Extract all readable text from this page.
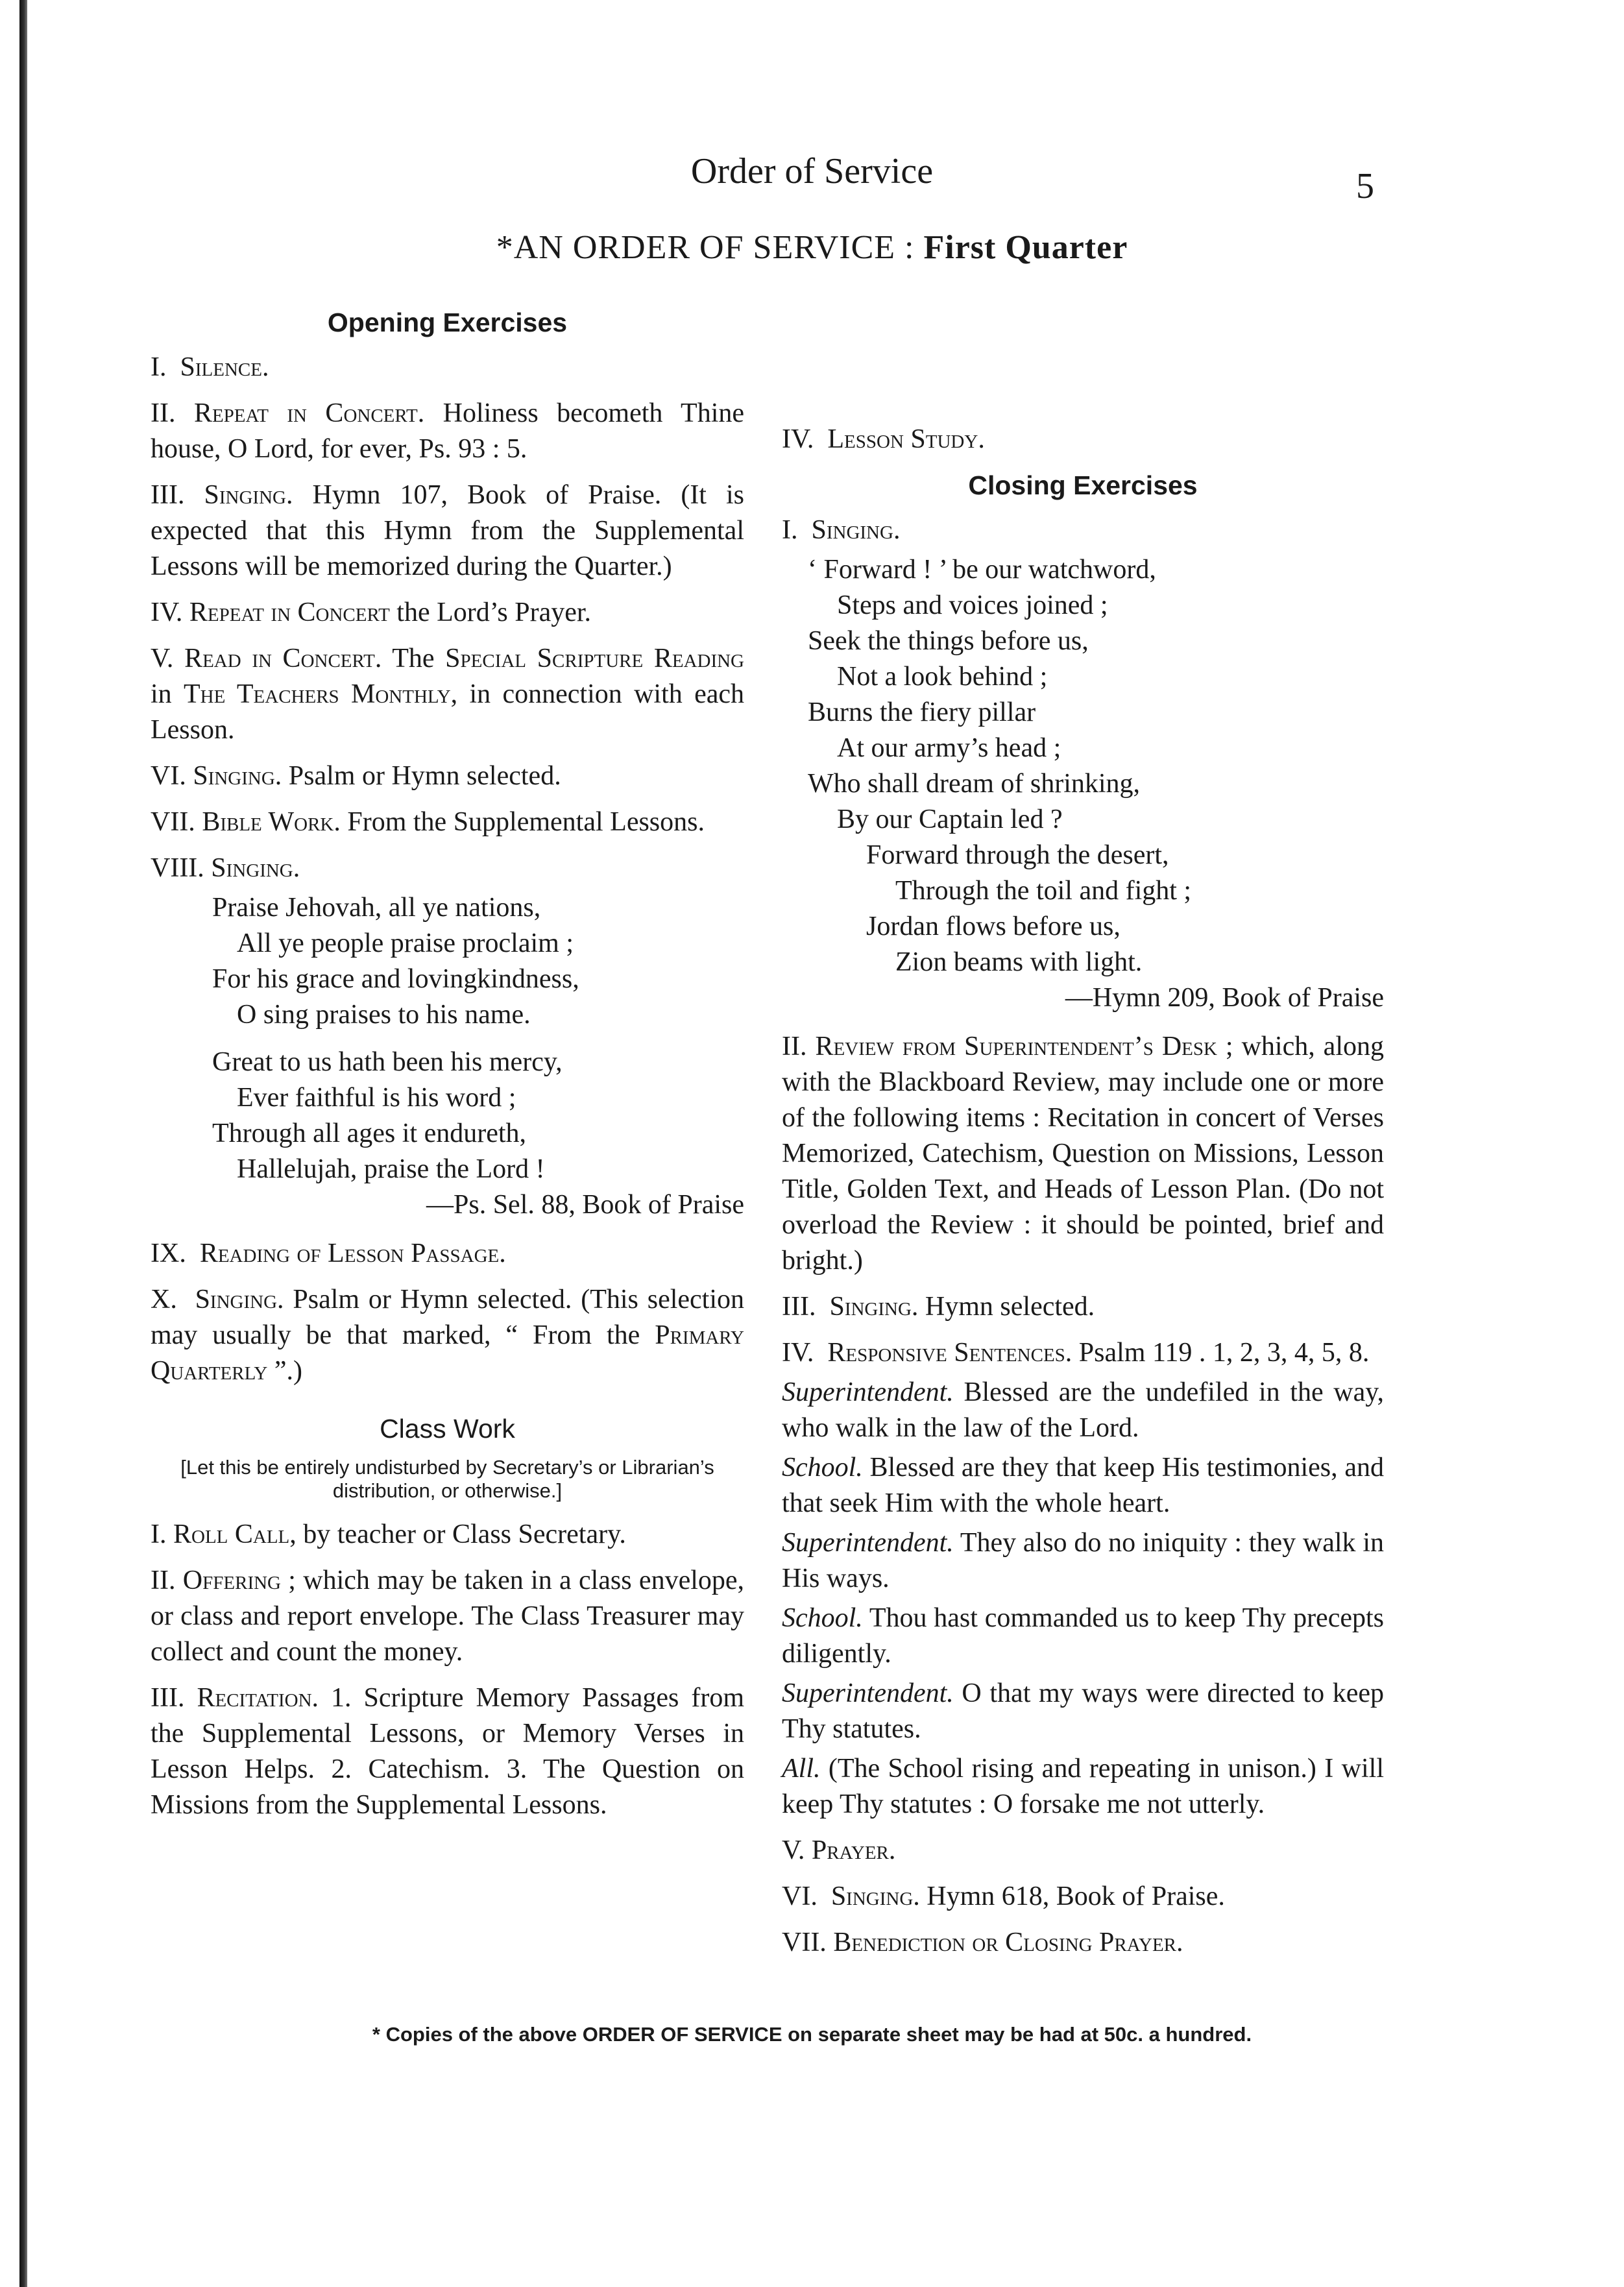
Order of Service	5
*AN ORDER OF SERVICE : First Quarter
Opening Exercises
I. Silence.
II. Repeat in Concert. Holiness becometh Thine house, O Lord, for ever, Ps. 93 : 5.
III. Singing. Hymn 107, Book of Praise. (It is expected that this Hymn from the Supplemental Lessons will be memorized during the Quarter.)
IV. Repeat in Concert the Lord’s Prayer.
V. Read in Concert. The Special Scripture Reading in The Teachers Monthly, in connection with each Lesson.
VI. Singing. Psalm or Hymn selected.
VII. Bible Work. From the Supplemental Lessons.
VIII. Singing.
Praise Jehovah, all ye nations,
All ye people praise proclaim ;
For his grace and lovingkindness,
O sing praises to his name.
Great to us hath been his mercy,
Ever faithful is his word ;
Through all ages it endureth,
Hallelujah, praise the Lord !
—Ps. Sel. 88, Book of Praise
IX. Reading of Lesson Passage.
X. Singing. Psalm or Hymn selected. (This selection may usually be that marked, “ From the Primary Quarterly ”.)
Class Work
[Let this be entirely undisturbed by Secretary’s or Librarian’s distribution, or otherwise.]
I. Roll Call, by teacher or Class Secretary.
II. Offering ; which may be taken in a class envelope, or class and report envelope. The Class Treasurer may collect and count the money.
III. Recitation. 1. Scripture Memory Passages from the Supplemental Lessons, or Memory Verses in Lesson Helps. 2. Catechism. 3. The Question on Missions from the Supplemental Lessons.
IV. Lesson Study.
Closing Exercises
I. Singing.
‘ Forward ! ’ be our watchword,
Steps and voices joined ;
Seek the things before us,
Not a look behind ;
Burns the fiery pillar
At our army’s head ;
Who shall dream of shrinking,
By our Captain led ?
Forward through the desert,
Through the toil and fight ;
Jordan flows before us,
Zion beams with light.
—Hymn 209, Book of Praise
II. Review from Superintendent’s Desk ; which, along with the Blackboard Review, may include one or more of the following items : Recitation in concert of Verses Memorized, Catechism, Question on Missions, Lesson Title, Golden Text, and Heads of Lesson Plan. (Do not overload the Review : it should be pointed, brief and bright.)
III. Singing. Hymn selected.
IV. Responsive Sentences. Psalm 119 . 1, 2, 3, 4, 5, 8.
Superintendent. Blessed are the undefiled in the way, who walk in the law of the Lord.
School. Blessed are they that keep His testimonies, and that seek Him with the whole heart.
Superintendent. They also do no iniquity : they walk in His ways.
School. Thou hast commanded us to keep Thy precepts diligently.
Superintendent. O that my ways were directed to keep Thy statutes.
All. (The School rising and repeating in unison.) I will keep Thy statutes : O forsake me not utterly.
V. Prayer.
VI. Singing. Hymn 618, Book of Praise.
VII. Benediction or Closing Prayer.
* Copies of the above ORDER OF SERVICE on separate sheet may be had at 50c. a hundred.
